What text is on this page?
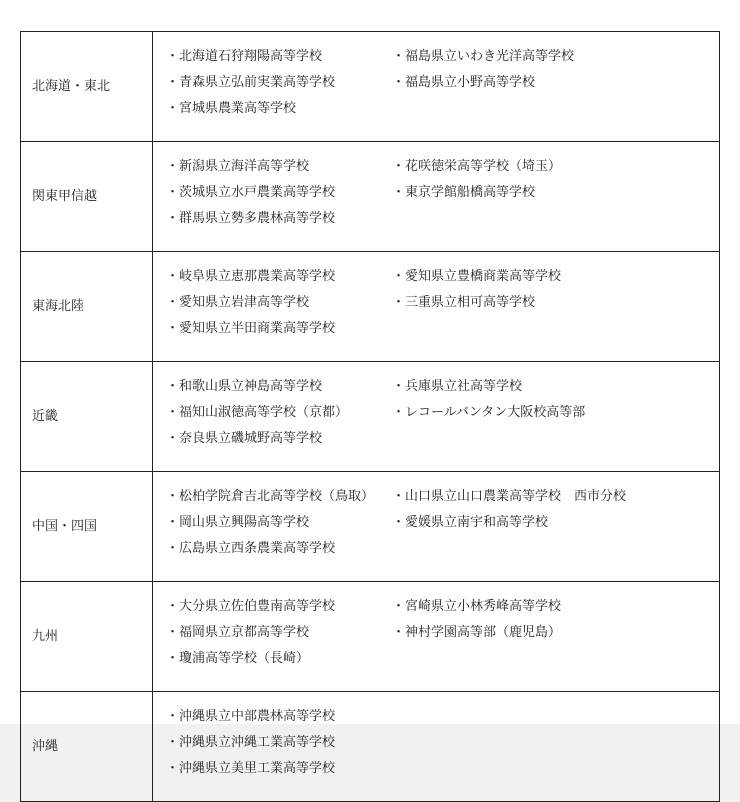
北海道・東北	・北海道石狩翔陽高等学校 ・福島県立いわき光洋高等学校
・青森県立弘前実業高等学校 ・福島県立小野高等学校
・宮城県農業高等学校

関東甲信越	・新潟県立海洋高等学校 ・花咲徳栄高等学校（埼玉）
・茨城県立水戸農業高等学校 ・東京学館船橋高等学校
・群馬県立勢多農林高等学校

東海北陸	・岐阜県立恵那農業高等学校 ・愛知県立豊橋商業高等学校
・愛知県立岩津高等学校 ・三重県立相可高等学校
・愛知県立半田商業高等学校

近畿	・和歌山県立神島高等学校 ・兵庫県立社高等学校
・福知山淑徳高等学校（京都） ・レコールバンタン大阪校高等部
・奈良県立磯城野高等学校

中国・四国	・松柏学院倉吉北高等学校（鳥取） ・山口県立山口農業高等学校　西市分校
・岡山県立興陽高等学校 ・愛媛県立南宇和高等学校
・広島県立西条農業高等学校

九州	・大分県立佐伯豊南高等学校 ・宮崎県立小林秀峰高等学校
・福岡県立京都高等学校 ・神村学園高等部（鹿児島）
・瓊浦高等学校（長崎）

沖縄	・沖縄県立中部農林高等学校
・沖縄県立沖縄工業高等学校
・沖縄県立美里工業高等学校
